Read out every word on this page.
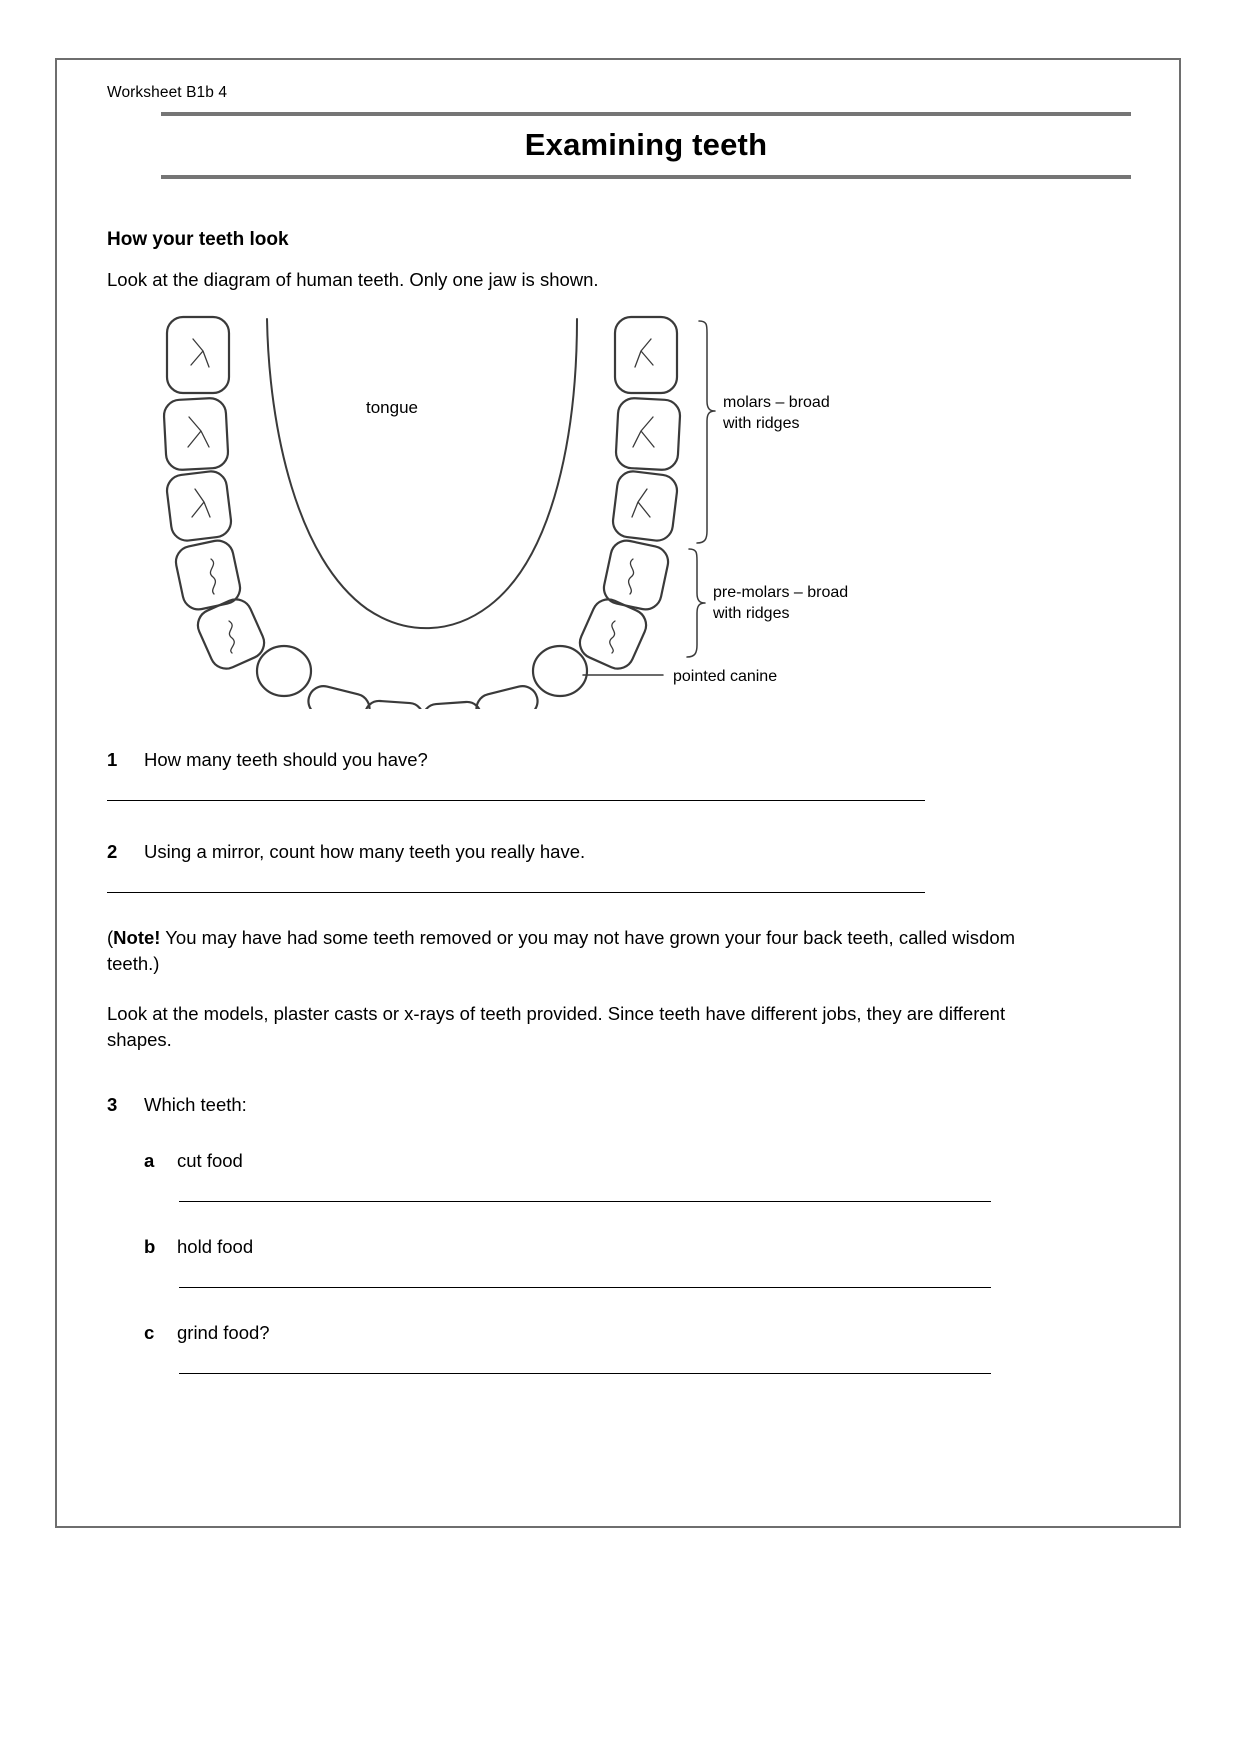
Worksheet B1b 4
Examining teeth
How your teeth look
Look at the diagram of human teeth. Only one jaw is shown.
tongue	molars – broad
with ridges
pre-molars – broad
with ridges
pointed canine
1	How many teeth should you have?
2	Using a mirror, count how many teeth you really have.
(Note! You may have had some teeth removed or you may not have grown your four back teeth, called wisdom teeth.)
Look at the models, plaster casts or x-rays of teeth provided. Since teeth have different jobs, they are different shapes.
3	Which teeth:
a	cut food
b	hold food
c	grind food?
